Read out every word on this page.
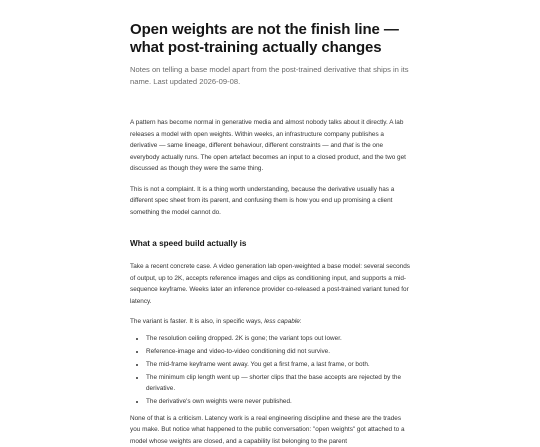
Open weights are not the finish line — what post-training actually changes

Notes on telling a base model apart from the post-trained derivative that ships in its name. Last updated 2026-09-08.

A pattern has become normal in generative media and almost nobody talks about it directly. A lab releases a model with open weights. Within weeks, an infrastructure company publishes a derivative — same lineage, different behaviour, different constraints — and that is the one everybody actually runs. The open artefact becomes an input to a closed product, and the two get discussed as though they were the same thing.

This is not a complaint. It is a thing worth understanding, because the derivative usually has a different spec sheet from its parent, and confusing them is how you end up promising a client something the model cannot do.

What a speed build actually is

Take a recent concrete case. A video generation lab open-weighted a base model: several seconds of output, up to 2K, accepts reference images and clips as conditioning input, and supports a mid-sequence keyframe. Weeks later an inference provider co-released a post-trained variant tuned for latency.

The variant is faster. It is also, in specific ways, less capable:

• The resolution ceiling dropped. 2K is gone; the variant tops out lower.
• Reference-image and video-to-video conditioning did not survive.
• The mid-frame keyframe went away. You get a first frame, a last frame, or both.
• The minimum clip length went up — shorter clips that the base accepts are rejected by the derivative.
• The derivative's own weights were never published.

None of that is a criticism. Latency work is a real engineering discipline and these are the trades you make. But notice what happened to the public conversation: "open weights" got attached to a model whose weights are closed, and a capability list belonging to the parent
